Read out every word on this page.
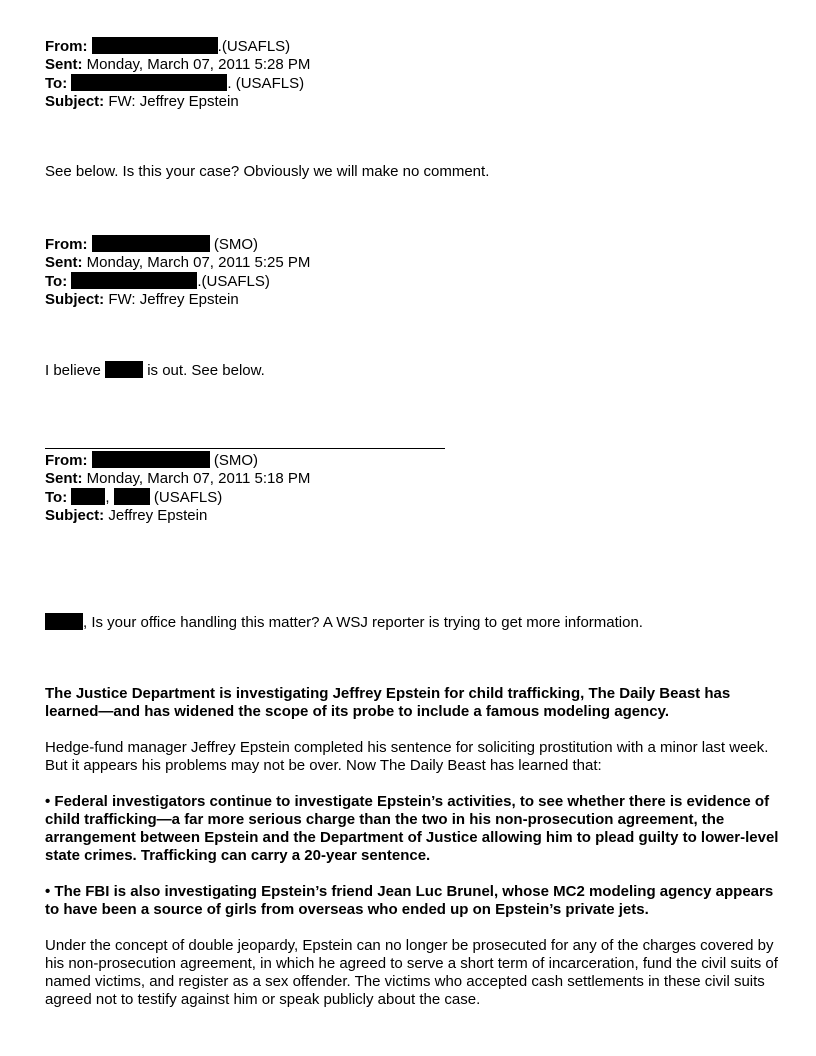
From:	.(USAFLS)
Sent: Monday, March 07, 2011 5:28 PM
To:	. (USAFLS)
Subject: FW: Jeffrey Epstein
See below. Is this your case? Obviously we will make no comment.
From:	(SMO)
Sent: Monday, March 07, 2011 5:25 PM
To:	.(USAFLS)
Subject: FW: Jeffrey Epstein
I believe	is out. See below.
From:	(SMO)
Sent: Monday, March 07, 2011 5:18 PM
To:	,	(USAFLS)
Subject: Jeffrey Epstein
, Is your office handling this matter? A WSJ reporter is trying to get more information.
The Justice Department is investigating Jeffrey Epstein for child trafficking, The Daily Beast has learned—and has widened the scope of its probe to include a famous modeling agency.
Hedge-fund manager Jeffrey Epstein completed his sentence for soliciting prostitution with a minor last week. But it appears his problems may not be over. Now The Daily Beast has learned that:
• Federal investigators continue to investigate Epstein’s activities, to see whether there is evidence of child trafficking—a far more serious charge than the two in his non-prosecution agreement, the arrangement between Epstein and the Department of Justice allowing him to plead guilty to lower-level state crimes. Trafficking can carry a 20-year sentence.
• The FBI is also investigating Epstein’s friend Jean Luc Brunel, whose MC2 modeling agency appears to have been a source of girls from overseas who ended up on Epstein’s private jets.
Under the concept of double jeopardy, Epstein can no longer be prosecuted for any of the charges covered by his non-prosecution agreement, in which he agreed to serve a short term of incarceration, fund the civil suits of named victims, and register as a sex offender. The victims who accepted cash settlements in these civil suits agreed not to testify against him or speak publicly about the case.
